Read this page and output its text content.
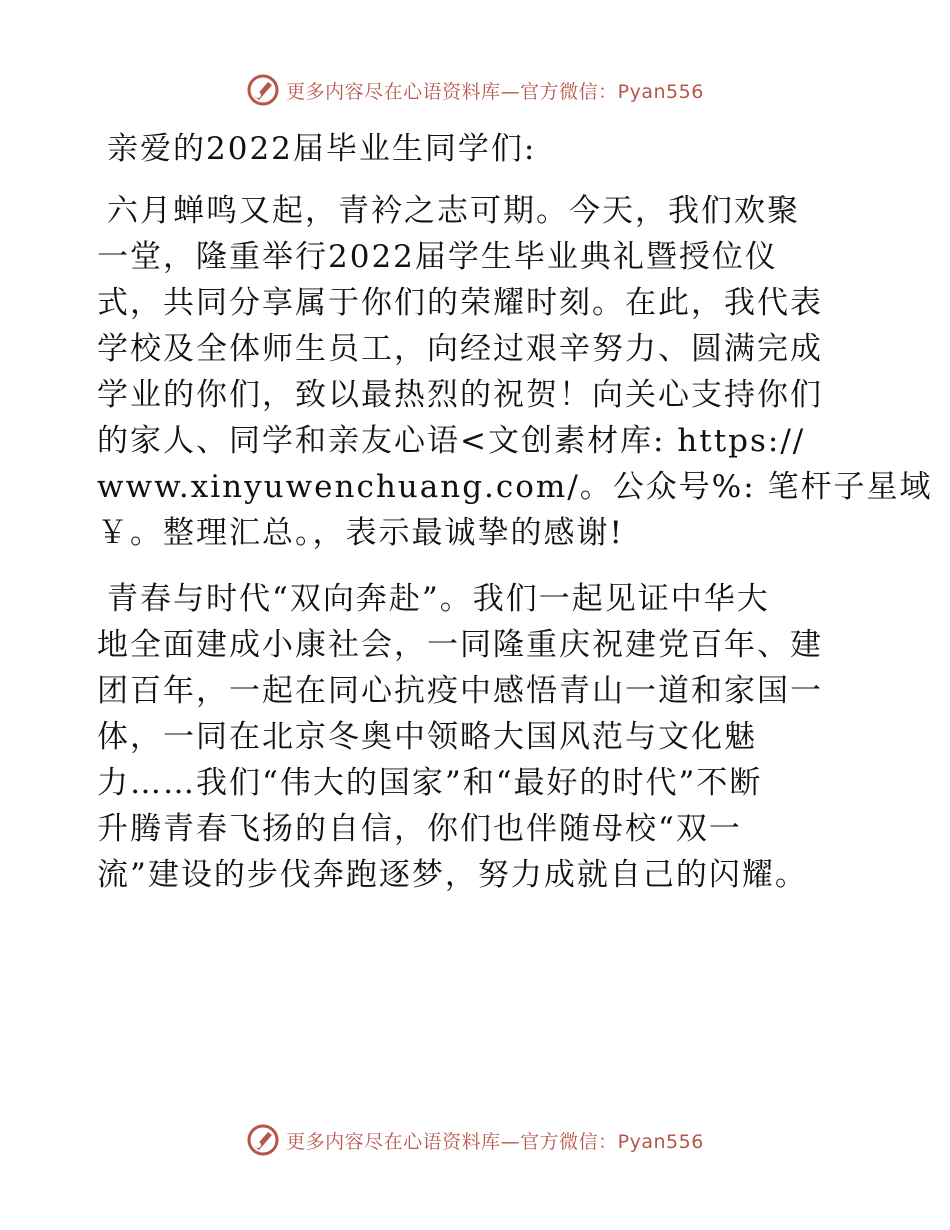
更多内容尽在心语资料库—官方微信：Pyan556
亲爱的2022届毕业生同学们:
六月蝉鸣又起，青衿之志可期。今天，我们欢聚
一堂，隆重举行2022届学生毕业典礼暨授位仪
式，共同分享属于你们的荣耀时刻。在此，我代表
学校及全体师生员工，向经过艰辛努力、圆满完成
学业的你们，致以最热烈的祝贺！向关心支持你们
的家人、同学和亲友心语<文创素材库: https://
www.xinyuwenchuang.com/。公众号%: 笔杆子星域
￥。整理汇总。，表示最诚挚的感谢!
青春与时代“双向奔赴”。我们一起见证中华大
地全面建成小康社会，一同隆重庆祝建党百年、建
团百年，一起在同心抗疫中感悟青山一道和家国一
体，一同在北京冬奥中领略大国风范与文化魅
力……我们“伟大的国家”和“最好的时代”不断
升腾青春飞扬的自信，你们也伴随母校“双一
流”建设的步伐奔跑逐梦，努力成就自己的闪耀。
更多内容尽在心语资料库—官方微信：Pyan556
